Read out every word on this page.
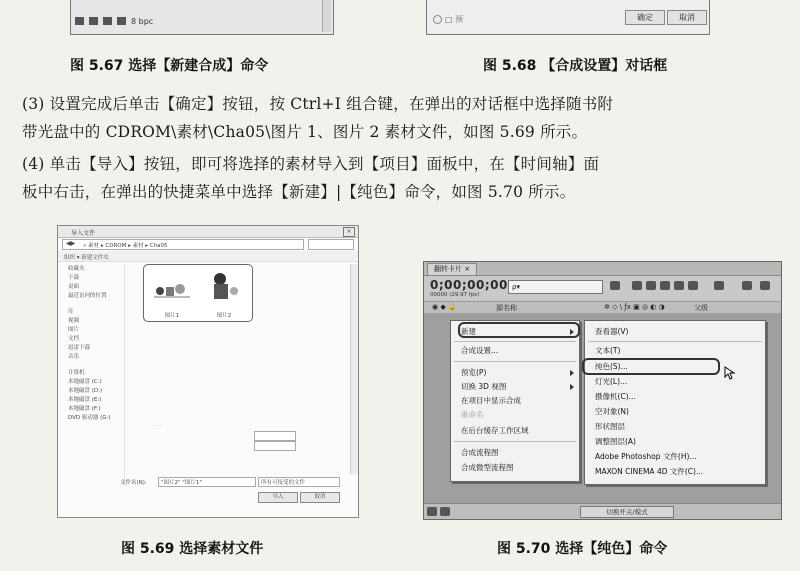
8 bpc
图 5.67 选择【新建合成】命令
□ 预	确定	取消
图 5.68 【合成设置】对话框
(3) 设置完成后单击【确定】按钮，按 Ctrl+I 组合键，在弹出的对话框中选择随书附
带光盘中的 CDROM\素材\Cha05\图片 1、图片 2 素材文件，如图 5.69 所示。
(4) 单击【导入】按钮，即可将选择的素材导入到【项目】面板中，在【时间轴】面
板中右击，在弹出的快捷菜单中选择【新建】|【纯色】命令，如图 5.70 所示。
导入文件	×
◀▶ « 素材 ▸ CDROM ▸ 素材 ▸ Cha05
组织 ▾ 新建文件夹
收藏夹
下载
桌面
最近访问的位置
库
视频
图片
文档
迅雷下载
音乐
计算机
本地磁盘 (C:)
本地磁盘 (D:)
本地磁盘 (E:)
本地磁盘 (F:)
DVD 驱动器 (G:)
图片1	图片2
. . .
文件名(N):	"图片2" "图片1"	所有可接受的文件
导入	取消
图 5.69 选择素材文件
翻转卡片 ×
0;00;00;00
00000 (29.97 fps)
ρ▾
◉ ◆ 🔒	源名称	✲ ◇ \ ƒx ▣ ◎ ◐ ◑	父级
切换开关/模式
新建
合成设置...
预览(P)
切换 3D 视图
在项目中显示合成
重命名
在后台缓存工作区域
合成流程图
合成微型流程图
查看器(V)
文本(T)
纯色(S)...
灯光(L)...
摄像机(C)...
空对象(N)
形状图层
调整图层(A)
Adobe Photoshop 文件(H)...
MAXON CINEMA 4D 文件(C)...
图 5.70 选择【纯色】命令
